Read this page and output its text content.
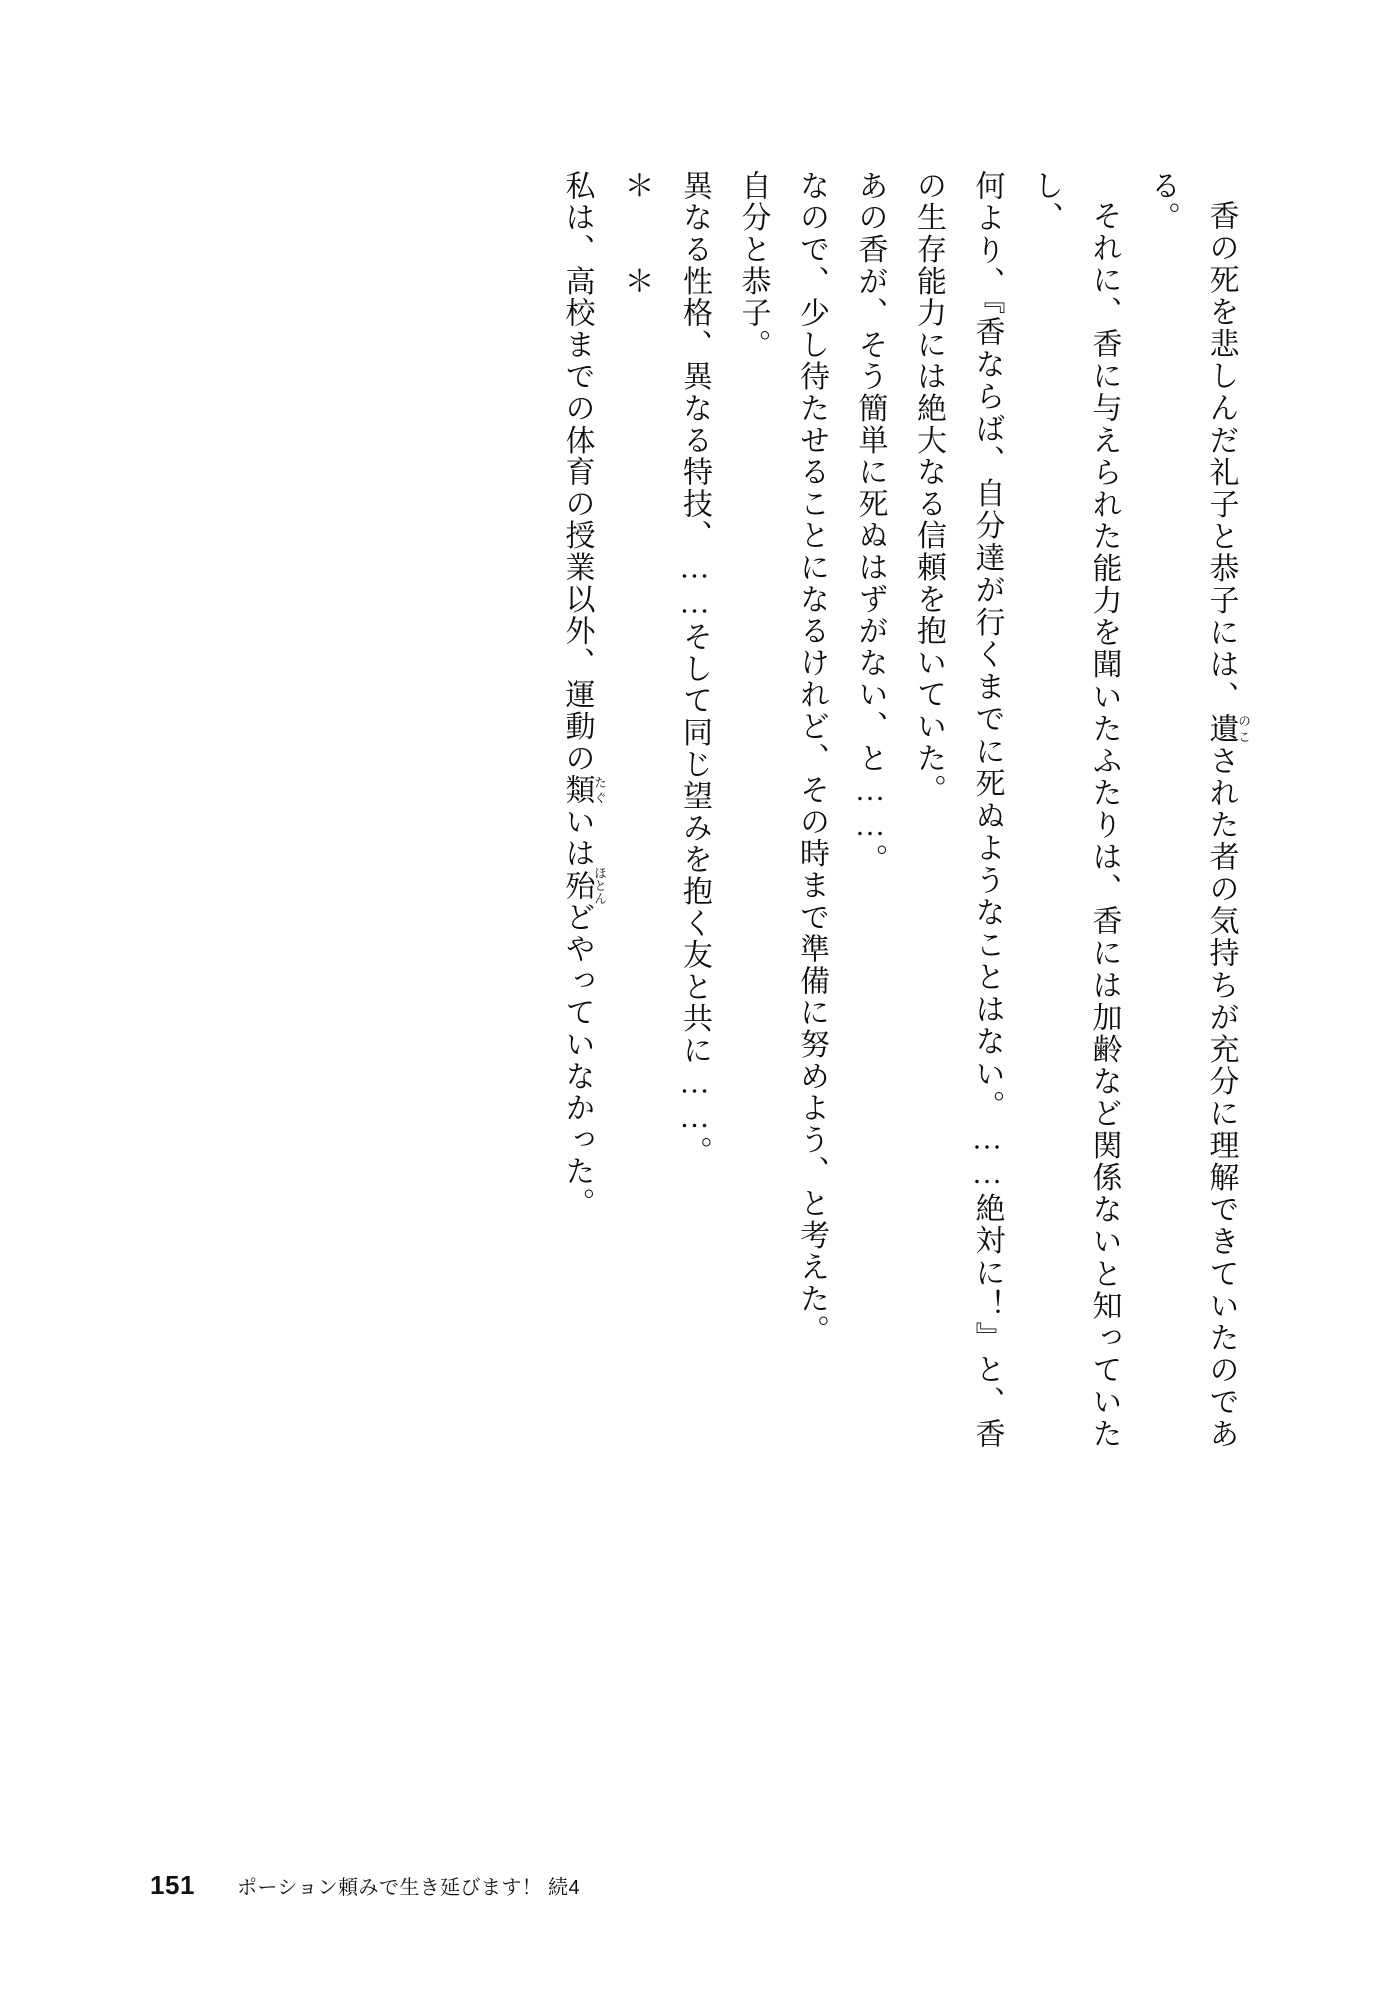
香の死を悲しんだ礼子と恭子には、遺のこされた者の気持ちが充分に理解できていたのである。

それに、香に与えられた能力を聞いたふたりは、香には加齢など関係ないと知っていたし、

何より、『香ならば、自分達が行くまでに死ぬようなことはない。……絶対に！』と、香の生存能力には絶大なる信頼を抱いていた。

あの香が、そう簡単に死ぬはずがない、と……。

なので、少し待たせることになるけれど、その時まで準備に努めよう、と考えた。

自分と恭子。

異なる性格、異なる特技、……そして同じ望みを抱く友と共に……。

＊　　＊

私は、高校までの体育の授業以外、運動の類たぐいは殆ほとんどやっていなかった。

151 ポーション頼みで生き延びます！ 続4
